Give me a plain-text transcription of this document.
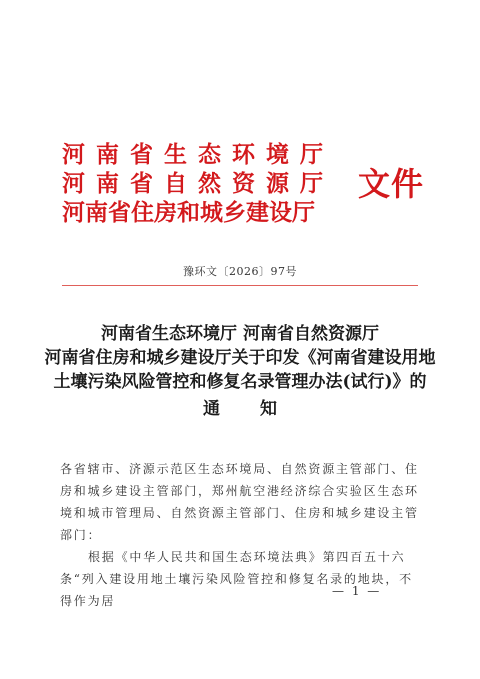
河南省生态环境厅
河南省自然资源厅
河南省住房和城乡建设厅
文件
豫环文〔2026〕97号
河南省生态环境厅 河南省自然资源厅
河南省住房和城乡建设厅关于印发《河南省建设用地
土壤污染风险管控和修复名录管理办法(试行)》的
通知

各省辖市、济源示范区生态环境局、自然资源主管部门、住房和城乡建设主管部门，郑州航空港经济综合实验区生态环境和城市管理局、自然资源主管部门、住房和城乡建设主管部门：

根据《中华人民共和国生态环境法典》第四百五十六条“列入建设用地土壤污染风险管控和修复名录的地块，不得作为居

— 1 —
